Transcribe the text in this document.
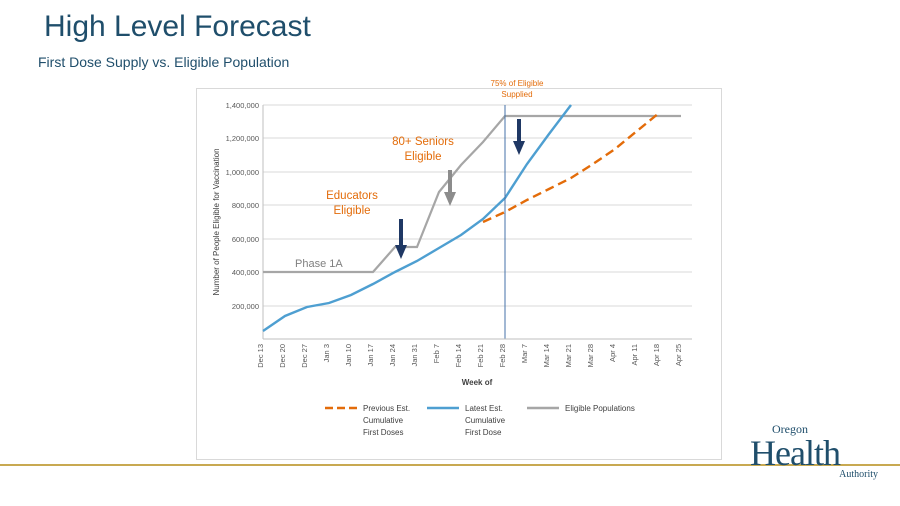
High Level Forecast
First Dose Supply vs. Eligible Population
1,400,000
1,200,000
1,000,000
800,000
600,000
400,000
200,000
Number of People Eligible for Vaccination
Dec 13 Dec 20 Dec 27 Jan 3 Jan 10 Jan 17 Jan 24 Jan 31 Feb 7 Feb 14 Feb 21 Feb 28 Mar 7 Mar 14 Mar 21 Mar 28 Apr 4 Apr 11 Apr 18 Apr 25
Week of
Phase 1A
Educators
Eligible
80+ Seniors
Eligible
75% of Eligible
Supplied
Previous Est.
Cumulative
First Doses
Latest Est.
Cumulative
First Dose
Eligible Populations
Oregon
Health
Authority
